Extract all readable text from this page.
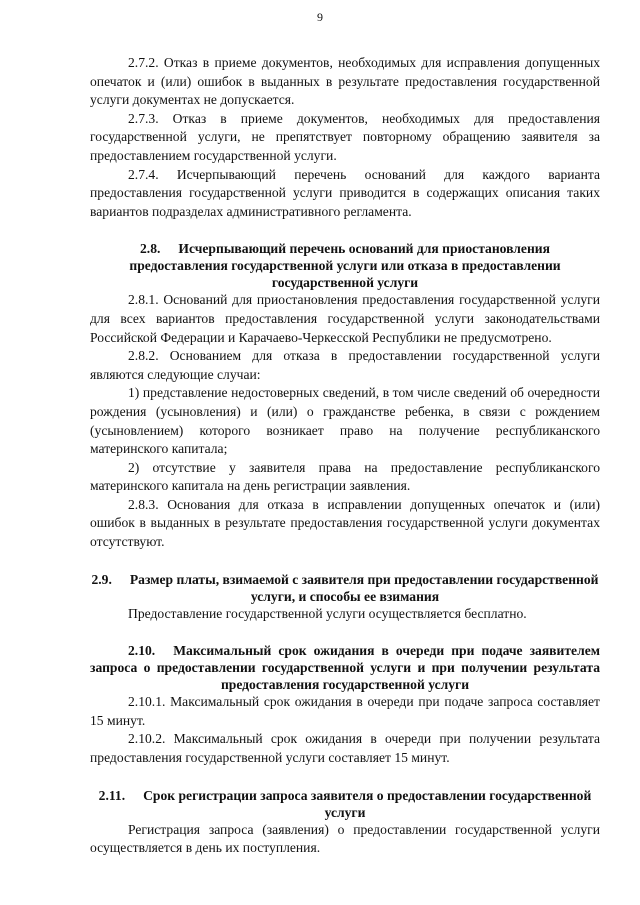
9

2.7.2. Отказ в приеме документов, необходимых для исправления допущенных опечаток и (или) ошибок в выданных в результате предоставления государственной услуги документах не допускается.

2.7.3. Отказ в приеме документов, необходимых для предоставления государственной услуги, не препятствует повторному обращению заявителя за предоставлением государственной услуги.

2.7.4. Исчерпывающий перечень оснований для каждого варианта предоставления государственной услуги приводится в содержащих описания таких вариантов подразделах административного регламента.

2.8. Исчерпывающий перечень оснований для приостановления предоставления государственной услуги или отказа в предоставлении государственной услуги

2.8.1. Оснований для приостановления предоставления государственной услуги для всех вариантов предоставления государственной услуги законодательствами Российской Федерации и Карачаево-Черкесской Республики не предусмотрено.

2.8.2. Основанием для отказа в предоставлении государственной услуги являются следующие случаи:

1) представление недостоверных сведений, в том числе сведений об очередности рождения (усыновления) и (или) о гражданстве ребенка, в связи с рождением (усыновлением) которого возникает право на получение республиканского материнского капитала;

2) отсутствие у заявителя права на предоставление республиканского материнского капитала на день регистрации заявления.

2.8.3. Основания для отказа в исправлении допущенных опечаток и (или) ошибок в выданных в результате предоставления государственной услуги документах отсутствуют.

2.9. Размер платы, взимаемой с заявителя при предоставлении государственной услуги, и способы ее взимания

Предоставление государственной услуги осуществляется бесплатно.

2.10. Максимальный срок ожидания в очереди при подаче заявителем запроса о предоставлении государственной услуги и при получении результата предоставления государственной услуги

2.10.1. Максимальный срок ожидания в очереди при подаче запроса составляет 15 минут.

2.10.2. Максимальный срок ожидания в очереди при получении результата предоставления государственной услуги составляет 15 минут.

2.11. Срок регистрации запроса заявителя о предоставлении государственной услуги

Регистрация запроса (заявления) о предоставлении государственной услуги осуществляется в день их поступления.
